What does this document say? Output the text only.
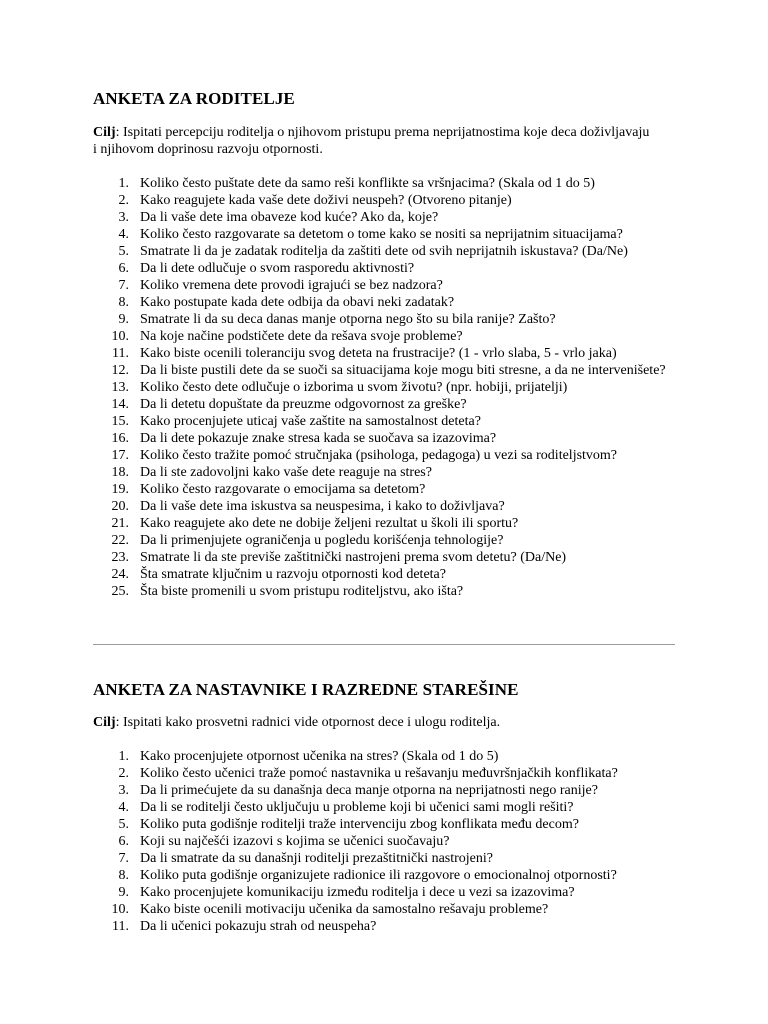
ANKETA ZA RODITELJE

Cilj: Ispitati percepciju roditelja o njihovom pristupu prema neprijatnostima koje deca doživljavaju i njihovom doprinosu razvoju otpornosti.

1. Koliko često puštate dete da samo reši konflikte sa vršnjacima? (Skala od 1 do 5)
2. Kako reagujete kada vaše dete doživi neuspeh? (Otvoreno pitanje)
3. Da li vaše dete ima obaveze kod kuće? Ako da, koje?
4. Koliko često razgovarate sa detetom o tome kako se nositi sa neprijatnim situacijama?
5. Smatrate li da je zadatak roditelja da zaštiti dete od svih neprijatnih iskustava? (Da/Ne)
6. Da li dete odlučuje o svom rasporedu aktivnosti?
7. Koliko vremena dete provodi igrajući se bez nadzora?
8. Kako postupate kada dete odbija da obavi neki zadatak?
9. Smatrate li da su deca danas manje otporna nego što su bila ranije? Zašto?
10. Na koje načine podstičete dete da rešava svoje probleme?
11. Kako biste ocenili toleranciju svog deteta na frustracije? (1 - vrlo slaba, 5 - vrlo jaka)
12. Da li biste pustili dete da se suoči sa situacijama koje mogu biti stresne, a da ne intervenišete?
13. Koliko često dete odlučuje o izborima u svom životu? (npr. hobiji, prijatelji)
14. Da li detetu dopuštate da preuzme odgovornost za greške?
15. Kako procenjujete uticaj vaše zaštite na samostalnost deteta?
16. Da li dete pokazuje znake stresa kada se suočava sa izazovima?
17. Koliko često tražite pomoć stručnjaka (psihologa, pedagoga) u vezi sa roditeljstvom?
18. Da li ste zadovoljni kako vaše dete reaguje na stres?
19. Koliko često razgovarate o emocijama sa detetom?
20. Da li vaše dete ima iskustva sa neuspesima, i kako to doživljava?
21. Kako reagujete ako dete ne dobije željeni rezultat u školi ili sportu?
22. Da li primenjujete ograničenja u pogledu korišćenja tehnologije?
23. Smatrate li da ste previše zaštitnički nastrojeni prema svom detetu? (Da/Ne)
24. Šta smatrate ključnim u razvoju otpornosti kod deteta?
25. Šta biste promenili u svom pristupu roditeljstvu, ako išta?
ANKETA ZA NASTAVNIKE I RAZREDNE STAREŠINE

Cilj: Ispitati kako prosvetni radnici vide otpornost dece i ulogu roditelja.

1. Kako procenjujete otpornost učenika na stres? (Skala od 1 do 5)
2. Koliko često učenici traže pomoć nastavnika u rešavanju međuvršnjačkih konflikata?
3. Da li primećujete da su današnja deca manje otporna na neprijatnosti nego ranije?
4. Da li se roditelji često uključuju u probleme koji bi učenici sami mogli rešiti?
5. Koliko puta godišnje roditelji traže intervenciju zbog konflikata među decom?
6. Koji su najčešći izazovi s kojima se učenici suočavaju?
7. Da li smatrate da su današnji roditelji prezaštitnički nastrojeni?
8. Koliko puta godišnje organizujete radionice ili razgovore o emocionalnoj otpornosti?
9. Kako procenjujete komunikaciju između roditelja i dece u vezi sa izazovima?
10. Kako biste ocenili motivaciju učenika da samostalno rešavaju probleme?
11. Da li učenici pokazuju strah od neuspeha?
